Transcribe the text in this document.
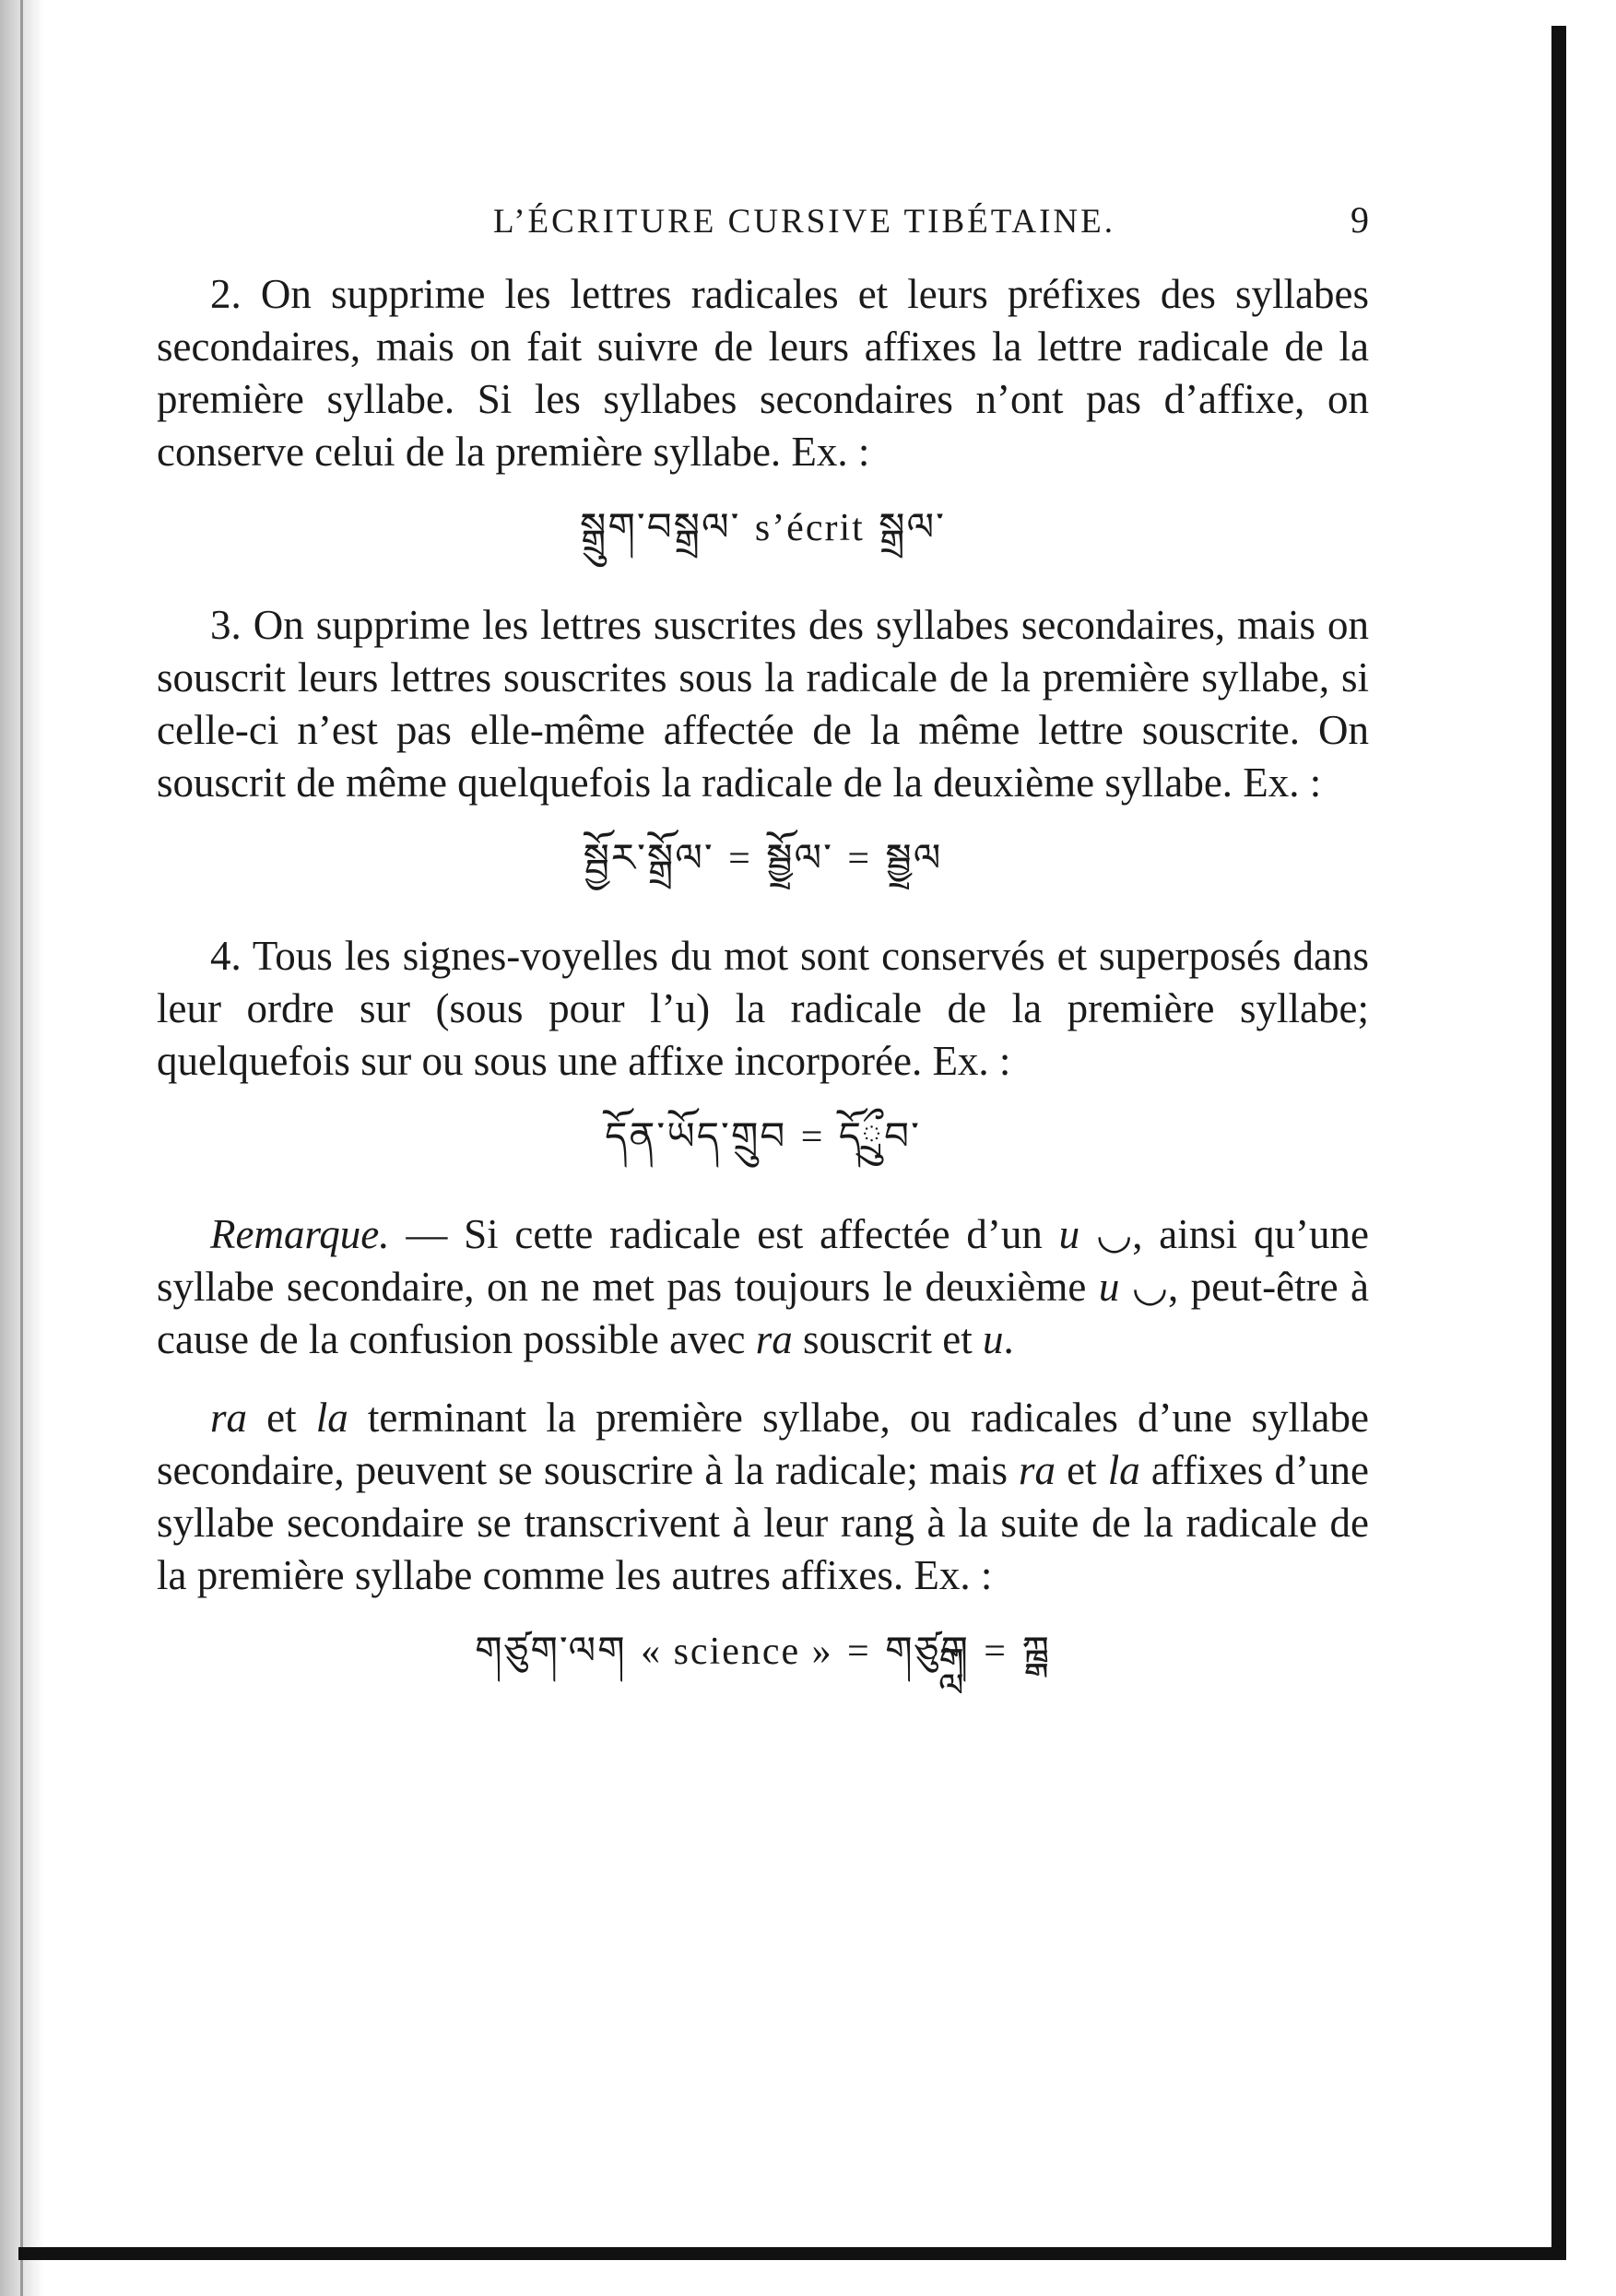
L’ÉCRITURE CURSIVE TIBÉTAINE.	9

2. On supprime les lettres radicales et leurs préfixes des syllabes secondaires, mais on fait suivre de leurs affixes la lettre radicale de la première syllabe. Si les syllabes secondaires n’ont pas d’affixe, on conserve celui de la première syllabe. Ex. :

སྒྲུག་བསྒྲལ་ s’écrit སྒྲལ་

3. On supprime les lettres suscrites des syllabes secondaires, mais on souscrit leurs lettres souscrites sous la radicale de la première syllabe, si celle-ci n’est pas elle-même affectée de la même lettre souscrite. On souscrit de même quelquefois la radicale de la deuxième syllabe. Ex. :

སྦྱོར་སྒྲོལ་ = སྦྱྲོལ་ = སྦྱྲལ

4. Tous les signes-voyelles du mot sont conservés et superposés dans leur ordre sur (sous pour l’u) la radicale de la première syllabe; quelquefois sur ou sous une affixe incorporée. Ex. :

དོན་ཡོད་གྲུབ = དོྲྀུབ་

Remarque. — Si cette radicale est affectée d’un u ◡, ainsi qu’une syllabe secondaire, on ne met pas toujours le deuxième u ◡, peut-être à cause de la confusion possible avec ra souscrit et u.

ra et la terminant la première syllabe, ou radicales d’une syllabe secondaire, peuvent se souscrire à la radicale; mais ra et la affixes d’une syllabe secondaire se transcrivent à leur rang à la suite de la radicale de la première syllabe comme les autres affixes. Ex. :

གཙུག་ལག « science » = གཙུྒླག = ཀྑྒ
